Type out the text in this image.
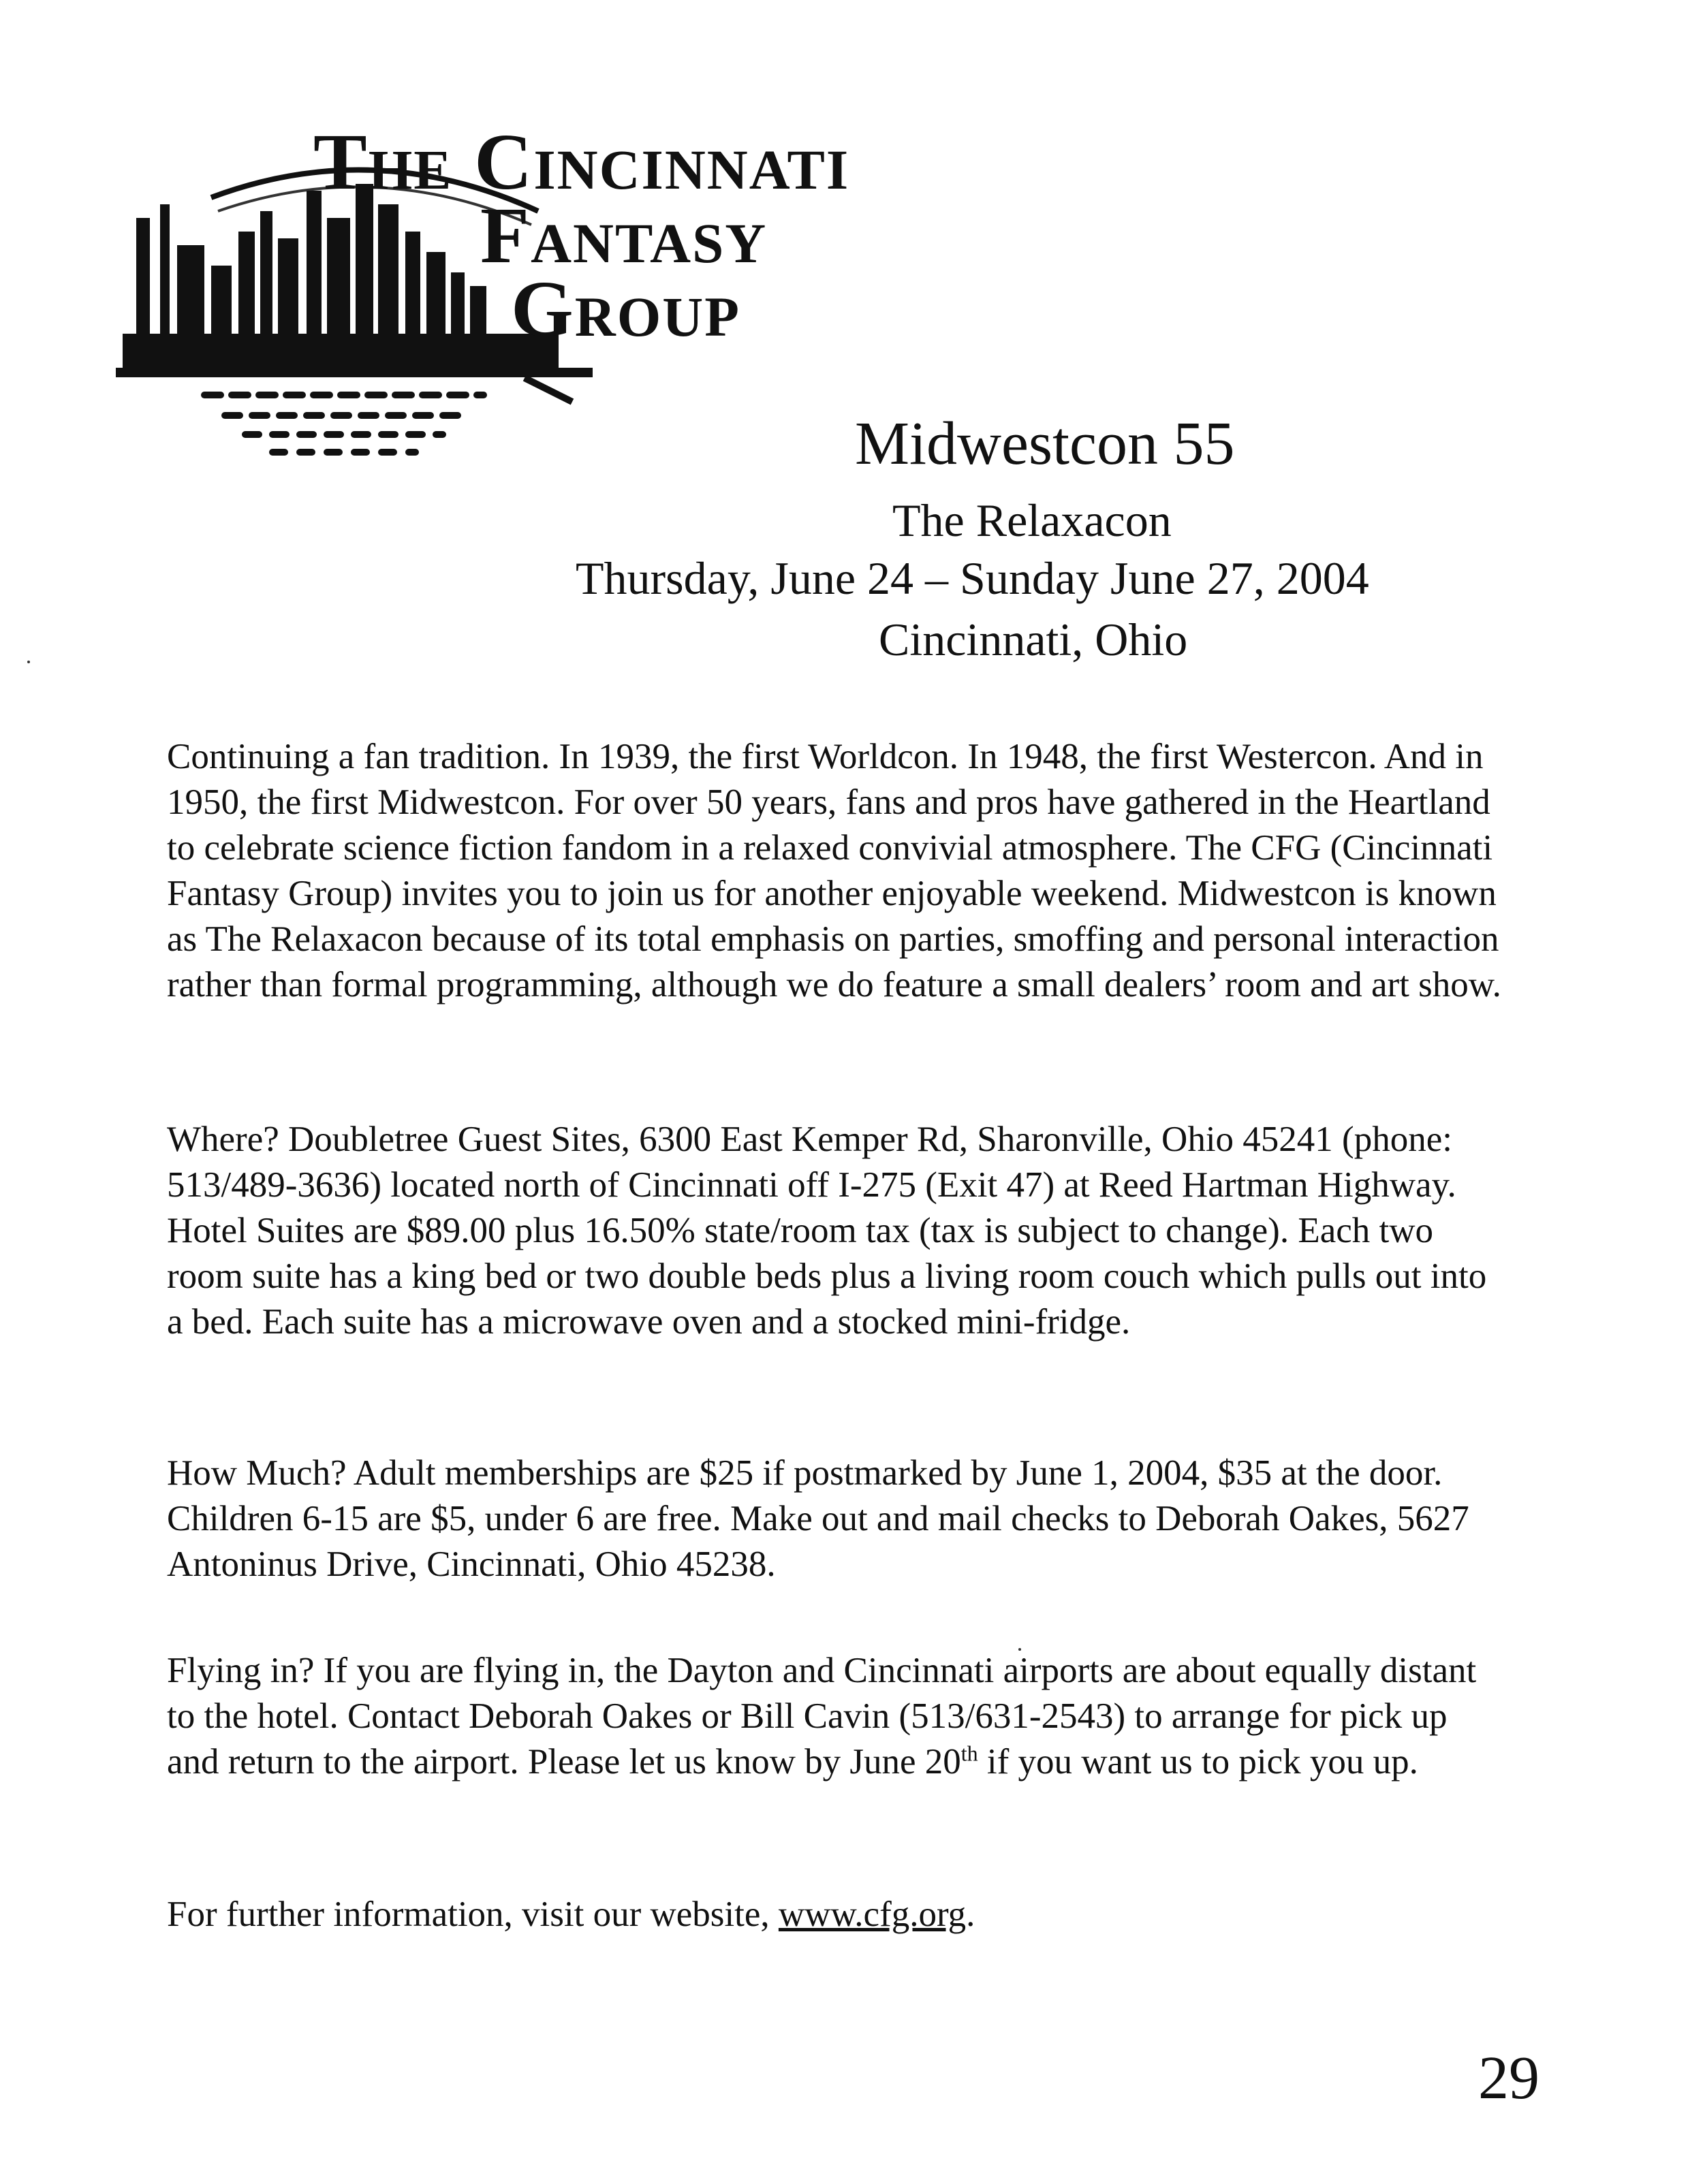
The Cincinnati
Fantasy
Group
Midwestcon 55
The Relaxacon
Thursday, June 24 – Sunday June 27, 2004
Cincinnati, Ohio

Continuing a fan tradition. In 1939, the first Worldcon. In 1948, the first Westercon. And in 1950, the first Midwestcon. For over 50 years, fans and pros have gathered in the Heartland to celebrate science fiction fandom in a relaxed convivial atmosphere. The CFG (Cincinnati Fantasy Group) invites you to join us for another enjoyable weekend. Midwestcon is known as The Relaxacon because of its total emphasis on parties, smoffing and personal interaction rather than formal programming, although we do feature a small dealers’ room and art show.

Where? Doubletree Guest Sites, 6300 East Kemper Rd, Sharonville, Ohio 45241 (phone: 513/489-3636) located north of Cincinnati off I-275 (Exit 47) at Reed Hartman Highway. Hotel Suites are $89.00 plus 16.50% state/room tax (tax is subject to change). Each two room suite has a king bed or two double beds plus a living room couch which pulls out into a bed. Each suite has a microwave oven and a stocked mini-fridge.

How Much? Adult memberships are $25 if postmarked by June 1, 2004, $35 at the door. Children 6-15 are $5, under 6 are free. Make out and mail checks to Deborah Oakes, 5627 Antoninus Drive, Cincinnati, Ohio 45238.

Flying in? If you are flying in, the Dayton and Cincinnati airports are about equally distant to the hotel. Contact Deborah Oakes or Bill Cavin (513/631-2543) to arrange for pick up and return to the airport. Please let us know by June 20th if you want us to pick you up.

For further information, visit our website, www.cfg.org.

29
